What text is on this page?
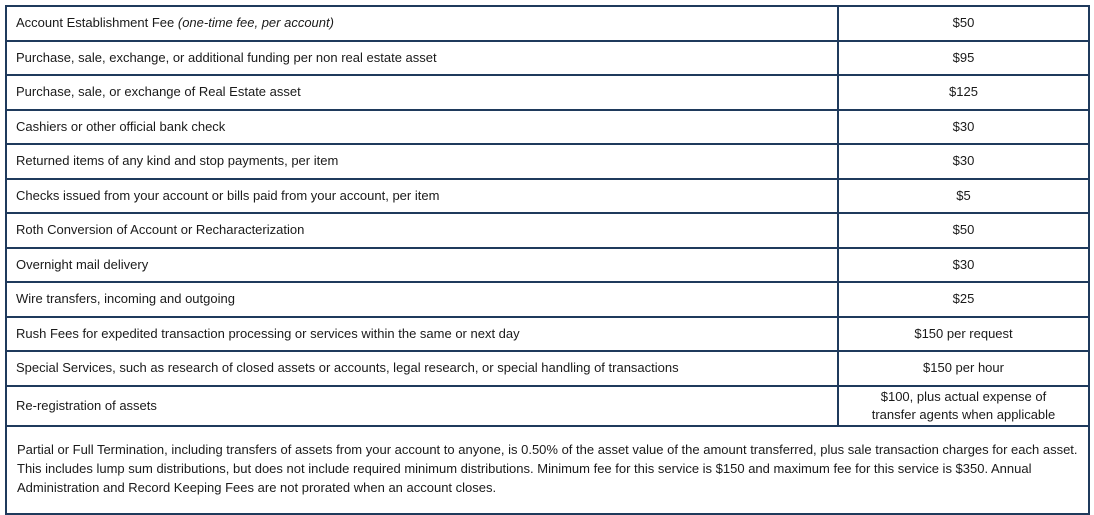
Account Establishment Fee (one-time fee, per account)	$50
Purchase, sale, exchange, or additional funding per non real estate asset	$95
Purchase, sale, or exchange of Real Estate asset	$125
Cashiers or other official bank check	$30
Returned items of any kind and stop payments, per item	$30
Checks issued from your account or bills paid from your account, per item	$5
Roth Conversion of Account or Recharacterization	$50
Overnight mail delivery	$30
Wire transfers, incoming and outgoing	$25
Rush Fees for expedited transaction processing or services within the same or next day	$150 per request
Special Services, such as research of closed assets or accounts, legal research, or special handling of transactions	$150 per hour
Re-registration of assets	$100, plus actual expense of
transfer agents when applicable
Partial or Full Termination, including transfers of assets from your account to anyone, is 0.50% of the asset value of the amount transferred, plus sale transaction charges for each asset. This includes lump sum distributions, but does not include required minimum distributions. Minimum fee for this service is $150 and maximum fee for this service is $350. Annual Administration and Record Keeping Fees are not prorated when an account closes.	
